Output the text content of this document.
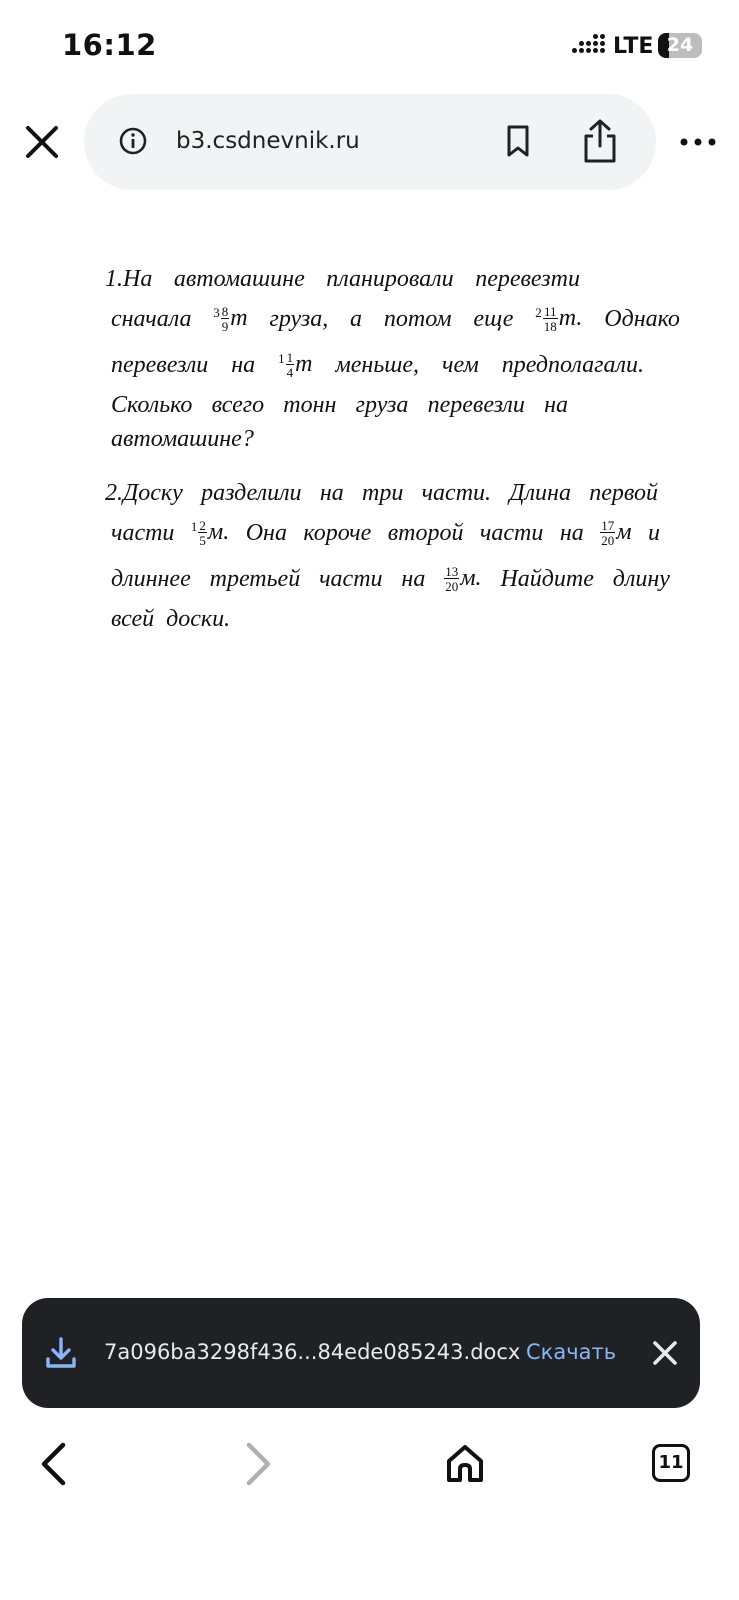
16:12	LTE 24
b3.csdnevnik.ru
1.На автомашине планировали перевезти
сначала $3 \frac{8}{9}$ т груза, а потом еще $2 \frac{11}{18} т$. Однако
перевезли на $1 \frac{1}{4}$ т меньше, чем предполагали.
Сколько всего тонн груза перевезли на
автомашине?
2.Доску разделили на три части. Длина первой
части $1 \frac{2}{5} м$. Она короче второй части на $\frac{17}{20}$ м и
длиннее третьей части на $\frac{13}{20} м$. Найдите длину
всей  доски.
7a096ba3298f436...84ede085243.docx Скачать
11
